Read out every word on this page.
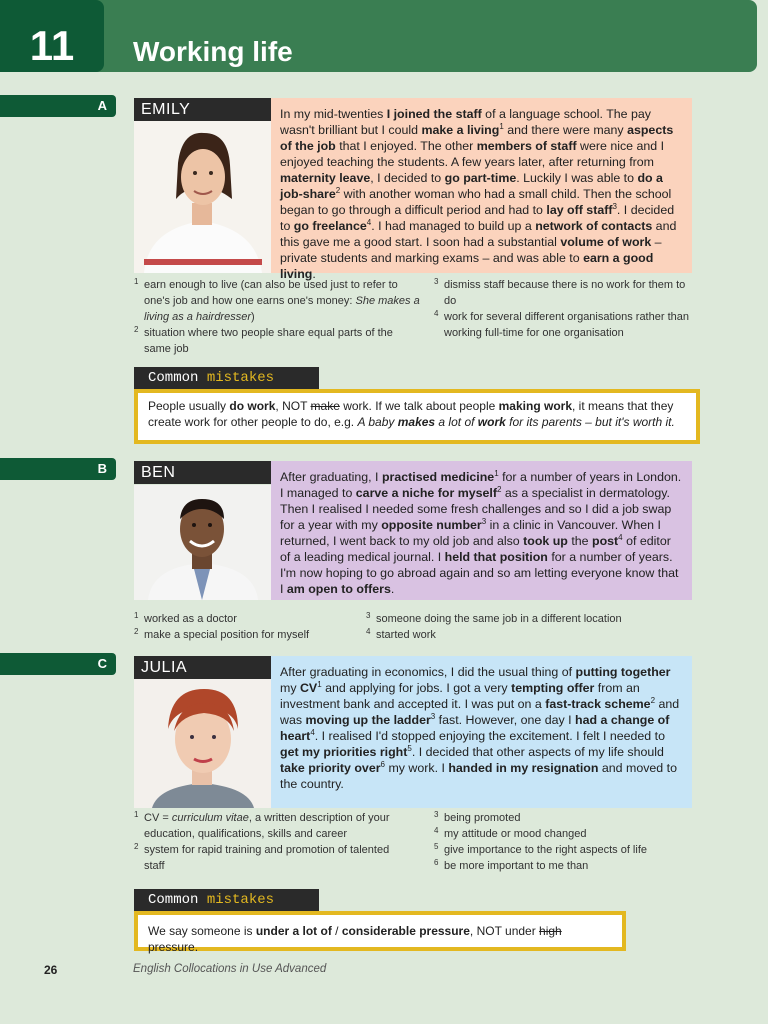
11	Working life
A	EMILY	In my mid-twenties I joined the staff of a language school. The pay wasn't brilliant but I could make a living$^1$ and there were many aspects of the job that I enjoyed. The other members of staff were nice and I enjoyed teaching the students. A few years later, after returning from maternity leave, I decided to go part-time. Luckily I was able to do a job-share$^2$ with another woman who had a small child. Then the school began to go through a difficult period and had to lay off staff$^3$. I decided to go freelance$^4$. I had managed to build up a network of contacts and this gave me a good start. I soon had a substantial volume of work – private students and marking exams – and was able to earn a good living.
1 earn enough to live (can also be used just to refer to one's job and how one earns one's money: She makes a living as a hairdresser)
2 situation where two people share equal parts of the same job
3 dismiss staff because there is no work for them to do
4 work for several different organisations rather than working full-time for one organisation
Common mistakes
People usually do work, NOT make work. If we talk about people making work, it means that they create work for other people to do, e.g. A baby makes a lot of work for its parents – but it's worth it.
B	BEN	After graduating, I practised medicine$^1$ for a number of years in London. I managed to carve a niche for myself$^2$ as a specialist in dermatology. Then I realised I needed some fresh challenges and so I did a job swap for a year with my opposite number$^3$ in a clinic in Vancouver. When I returned, I went back to my old job and also took up the post$^4$ of editor of a leading medical journal. I held that position for a number of years. I'm now hoping to go abroad again and so am letting everyone know that I am open to offers.
1 worked as a doctor
2 make a special position for myself
3 someone doing the same job in a different location
4 started work
C	JULIA	After graduating in economics, I did the usual thing of putting together my $CV^1$ and applying for jobs. I got a very tempting offer from an investment bank and accepted it. I was put on a fast-track scheme$^2$ and was moving up the ladder$^3$ fast. However, one day I had a change of heart$^4$. I realised I'd stopped enjoying the excitement. I felt I needed to get my priorities right$^5$. I decided that other aspects of my life should take priority over$^6$ my work. I handed in my resignation and moved to the country.
1 CV = curriculum vitae, a written description of your education, qualifications, skills and career
2 system for rapid training and promotion of talented staff
3 being promoted
4 my attitude or mood changed
5 give importance to the right aspects of life
6 be more important to me than
Common mistakes
We say someone is under a lot of / considerable pressure, NOT under high pressure.
26	English Collocations in Use Advanced
